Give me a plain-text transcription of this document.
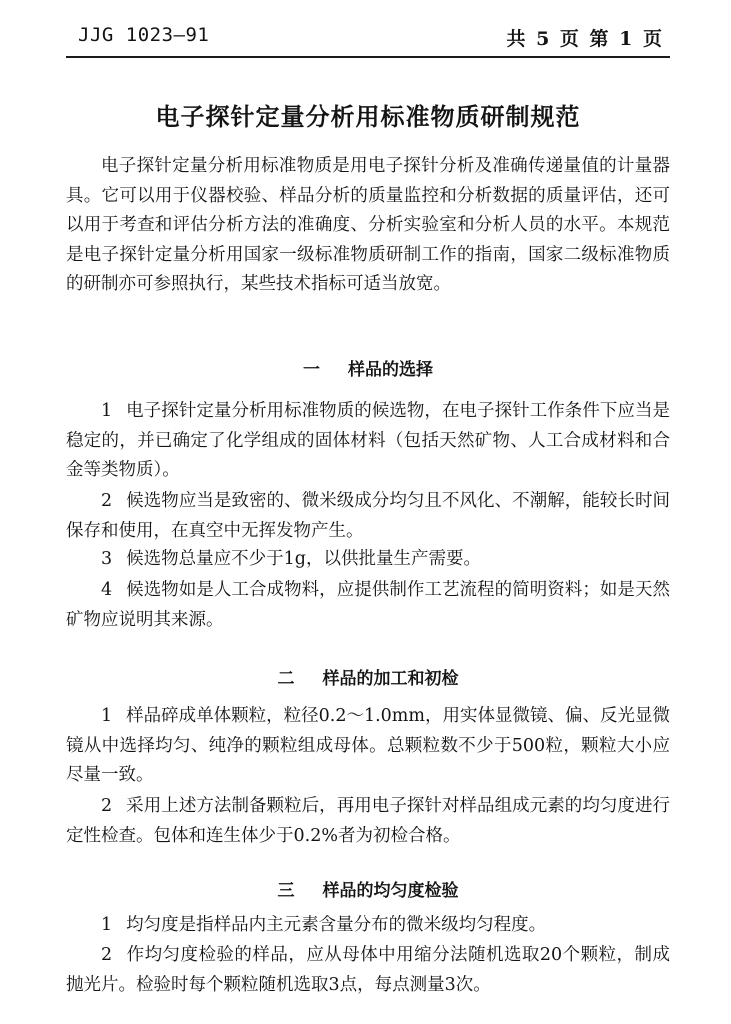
JJG 1023—91	共 5 页 第 1 页
电子探针定量分析用标准物质研制规范

电子探针定量分析用标准物质是用电子探针分析及准确传递量值的计量器具。它可以用于仪器校验、样品分析的质量监控和分析数据的质量评估，还可以用于考查和评估分析方法的准确度、分析实验室和分析人员的水平。本规范是电子探针定量分析用国家一级标准物质研制工作的指南，国家二级标准物质的研制亦可参照执行，某些技术指标可适当放宽。

一 样品的选择

1 电子探针定量分析用标准物质的候选物，在电子探针工作条件下应当是稳定的，并已确定了化学组成的固体材料（包括天然矿物、人工合成材料和合金等类物质）。

2 候选物应当是致密的、微米级成分均匀且不风化、不潮解，能较长时间保存和使用，在真空中无挥发物产生。

3 候选物总量应不少于1g，以供批量生产需要。

4 候选物如是人工合成物料，应提供制作工艺流程的简明资料；如是天然矿物应说明其来源。

二 样品的加工和初检

1 样品碎成单体颗粒，粒径0.2～1.0mm，用实体显微镜、偏、反光显微镜从中选择均匀、纯净的颗粒组成母体。总颗粒数不少于500粒，颗粒大小应尽量一致。

2 采用上述方法制备颗粒后，再用电子探针对样品组成元素的均匀度进行定性检查。包体和连生体少于0.2%者为初检合格。

三 样品的均匀度检验

1 均匀度是指样品内主元素含量分布的微米级均匀程度。

2 作均匀度检验的样品，应从母体中用缩分法随机选取20个颗粒，制成抛光片。检验时每个颗粒随机选取3点，每点测量3次。
